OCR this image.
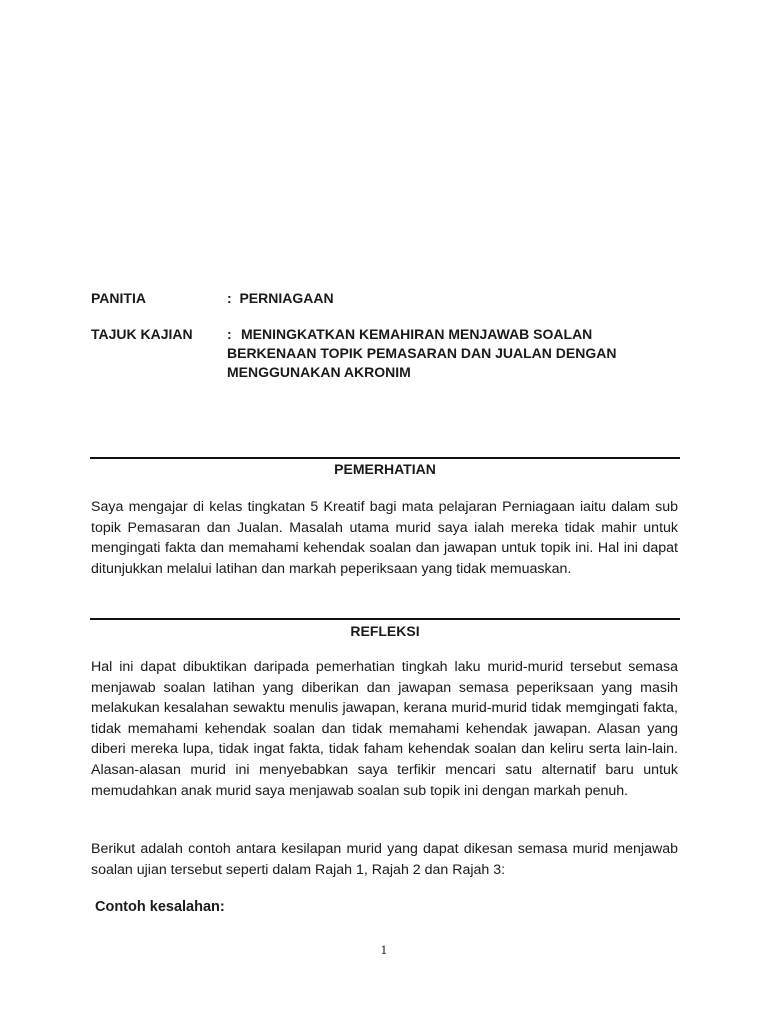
PANITIA	: PERNIAGAAN
TAJUK KAJIAN : MENINGKATKAN KEMAHIRAN MENJAWAB SOALAN BERKENAAN TOPIK PEMASARAN DAN JUALAN DENGAN MENGGUNAKAN AKRONIM
PEMERHATIAN

Saya mengajar di kelas tingkatan 5 Kreatif bagi mata pelajaran Perniagaan iaitu dalam sub topik Pemasaran dan Jualan. Masalah utama murid saya ialah mereka tidak mahir untuk mengingati fakta dan memahami kehendak soalan dan jawapan untuk topik ini. Hal ini dapat ditunjukkan melalui latihan dan markah peperiksaan yang tidak memuaskan.

REFLEKSI

Hal ini dapat dibuktikan daripada pemerhatian tingkah laku murid-murid tersebut semasa menjawab soalan latihan yang diberikan dan jawapan semasa peperiksaan yang masih melakukan kesalahan sewaktu menulis jawapan, kerana murid-murid tidak memgingati fakta, tidak memahami kehendak soalan dan tidak memahami kehendak jawapan. Alasan yang diberi mereka lupa, tidak ingat fakta, tidak faham kehendak soalan dan keliru serta lain-lain. Alasan-alasan murid ini menyebabkan saya terfikir mencari satu alternatif baru untuk memudahkan anak murid saya menjawab soalan sub topik ini dengan markah penuh.

Berikut adalah contoh antara kesilapan murid yang dapat dikesan semasa murid menjawab soalan ujian tersebut seperti dalam Rajah 1, Rajah 2 dan Rajah 3:

Contoh kesalahan:
1
